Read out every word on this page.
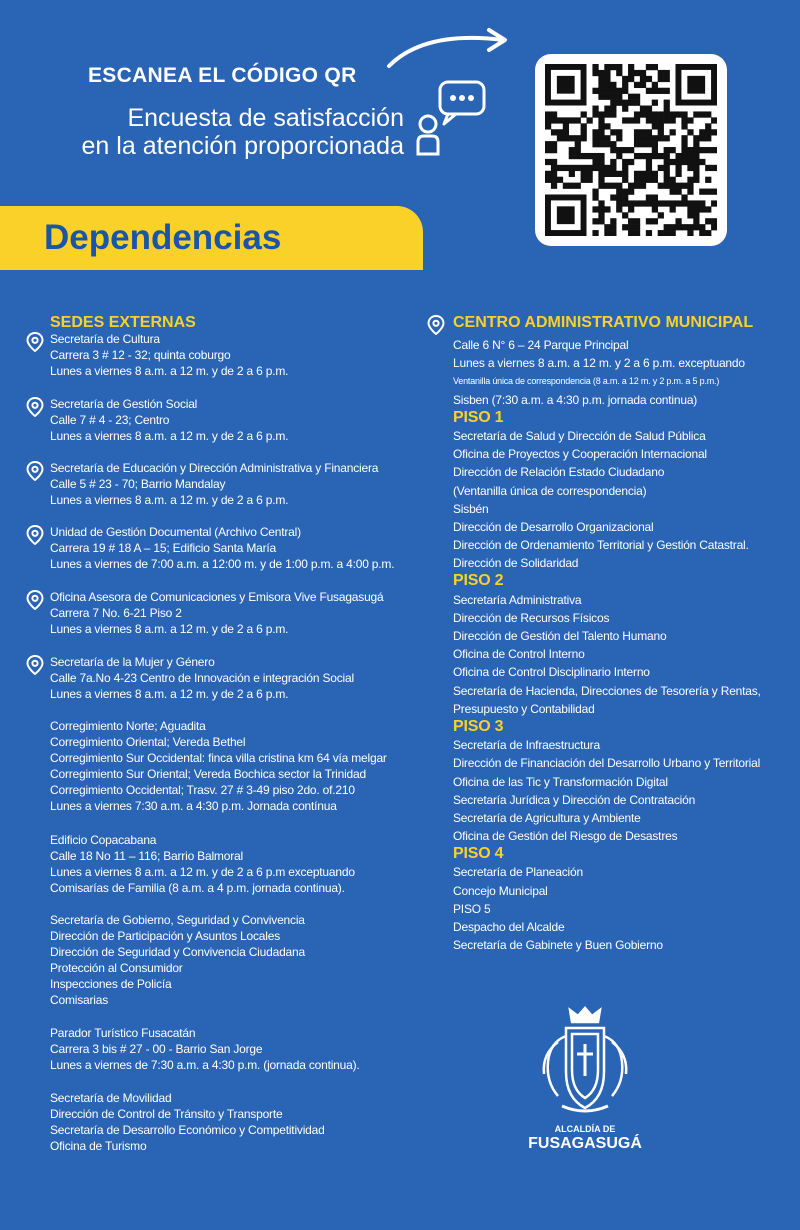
ESCANEA EL CÓDIGO QR
Encuesta de satisfacción
en la atención proporcionada
Dependencias
SEDES EXTERNAS
Secretaría de Cultura
Carrera 3 # 12 - 32; quinta coburgo
Lunes a viernes 8 a.m. a 12 m. y de 2 a 6 p.m.
Secretaría de Gestión Social
Calle 7 # 4 - 23; Centro
Lunes a viernes 8 a.m. a 12 m. y de 2 a 6 p.m.
Secretaría de Educación y Dirección Administrativa y Financiera
Calle 5 # 23 - 70; Barrio Mandalay
Lunes a viernes 8 a.m. a 12 m. y de 2 a 6 p.m.
Unidad de Gestión Documental (Archivo Central)
Carrera 19 # 18 A – 15; Edificio Santa María
Lunes a viernes de 7:00 a.m. a 12:00 m. y de 1:00 p.m. a 4:00 p.m.
Oficina Asesora de Comunicaciones y Emisora Vive Fusagasugá
Carrera 7 No. 6-21 Piso 2
Lunes a viernes 8 a.m. a 12 m. y de 2 a 6 p.m.
Secretaría de la Mujer y Género
Calle 7a.No 4-23 Centro de Innovación e integración Social
Lunes a viernes 8 a.m. a 12 m. y de 2 a 6 p.m.
Corregimiento Norte; Aguadita
Corregimiento Oriental; Vereda Bethel
Corregimiento Sur Occidental: finca villa cristina km 64 vía melgar
Corregimiento Sur Oriental; Vereda Bochica sector la Trinidad
Corregimiento Occidental; Trasv. 27 # 3-49 piso 2do. of.210
Lunes a viernes 7:30 a.m. a 4:30 p.m. Jornada contínua
Edificio Copacabana
Calle 18 No 11 – 116; Barrio Balmoral
Lunes a viernes 8 a.m. a 12 m. y de 2 a 6 p.m exceptuando
Comisarías de Familia (8 a.m. a 4 p.m. jornada continua).
Secretaría de Gobierno, Seguridad y Convivencia
Dirección de Participación y Asuntos Locales
Dirección de Seguridad y Convivencia Ciudadana
Protección al Consumidor
Inspecciones de Policía
Comisarias
Parador Turístico Fusacatán
Carrera 3 bis # 27 - 00 - Barrio San Jorge
Lunes a viernes de 7:30 a.m. a 4:30 p.m. (jornada continua).
Secretaría de Movilidad
Dirección de Control de Tránsito y Transporte
Secretaría de Desarrollo Económico y Competitividad
Oficina de Turismo
CENTRO ADMINISTRATIVO MUNICIPAL
Calle 6 N° 6 – 24 Parque Principal
Lunes a viernes 8 a.m. a 12 m. y 2 a 6 p.m. exceptuando
Ventanilla única de correspondencia (8 a.m. a 12 m. y 2 p.m. a 5 p.m.)
Sisben (7:30 a.m. a 4:30 p.m. jornada continua)
PISO 1
Secretaría de Salud y Dirección de Salud Pública
Oficina de Proyectos y Cooperación Internacional
Dirección de Relación Estado Ciudadano
(Ventanilla única de correspondencia)
Sisbén
Dirección de Desarrollo Organizacional
Dirección de Ordenamiento Territorial y Gestión Catastral.
Dirección de Solidaridad
PISO 2
Secretaría Administrativa
Dirección de Recursos Físicos
Dirección de Gestión del Talento Humano
Oficina de Control Interno
Oficina de Control Disciplinario Interno
Secretaría de Hacienda, Direcciones de Tesorería y Rentas,
Presupuesto y Contabilidad
PISO 3
Secretaría de Infraestructura
Dirección de Financiación del Desarrollo Urbano y Territorial
Oficina de las Tic y Transformación Digital
Secretaría Jurídica y Dirección de Contratación
Secretaría de Agricultura y Ambiente
Oficina de Gestión del Riesgo de Desastres
PISO 4
Secretaría de Planeación
Concejo Municipal
PISO 5
Despacho del Alcalde
Secretaría de Gabinete y Buen Gobierno
ALCALDÍA DE
FUSAGASUGÁ
